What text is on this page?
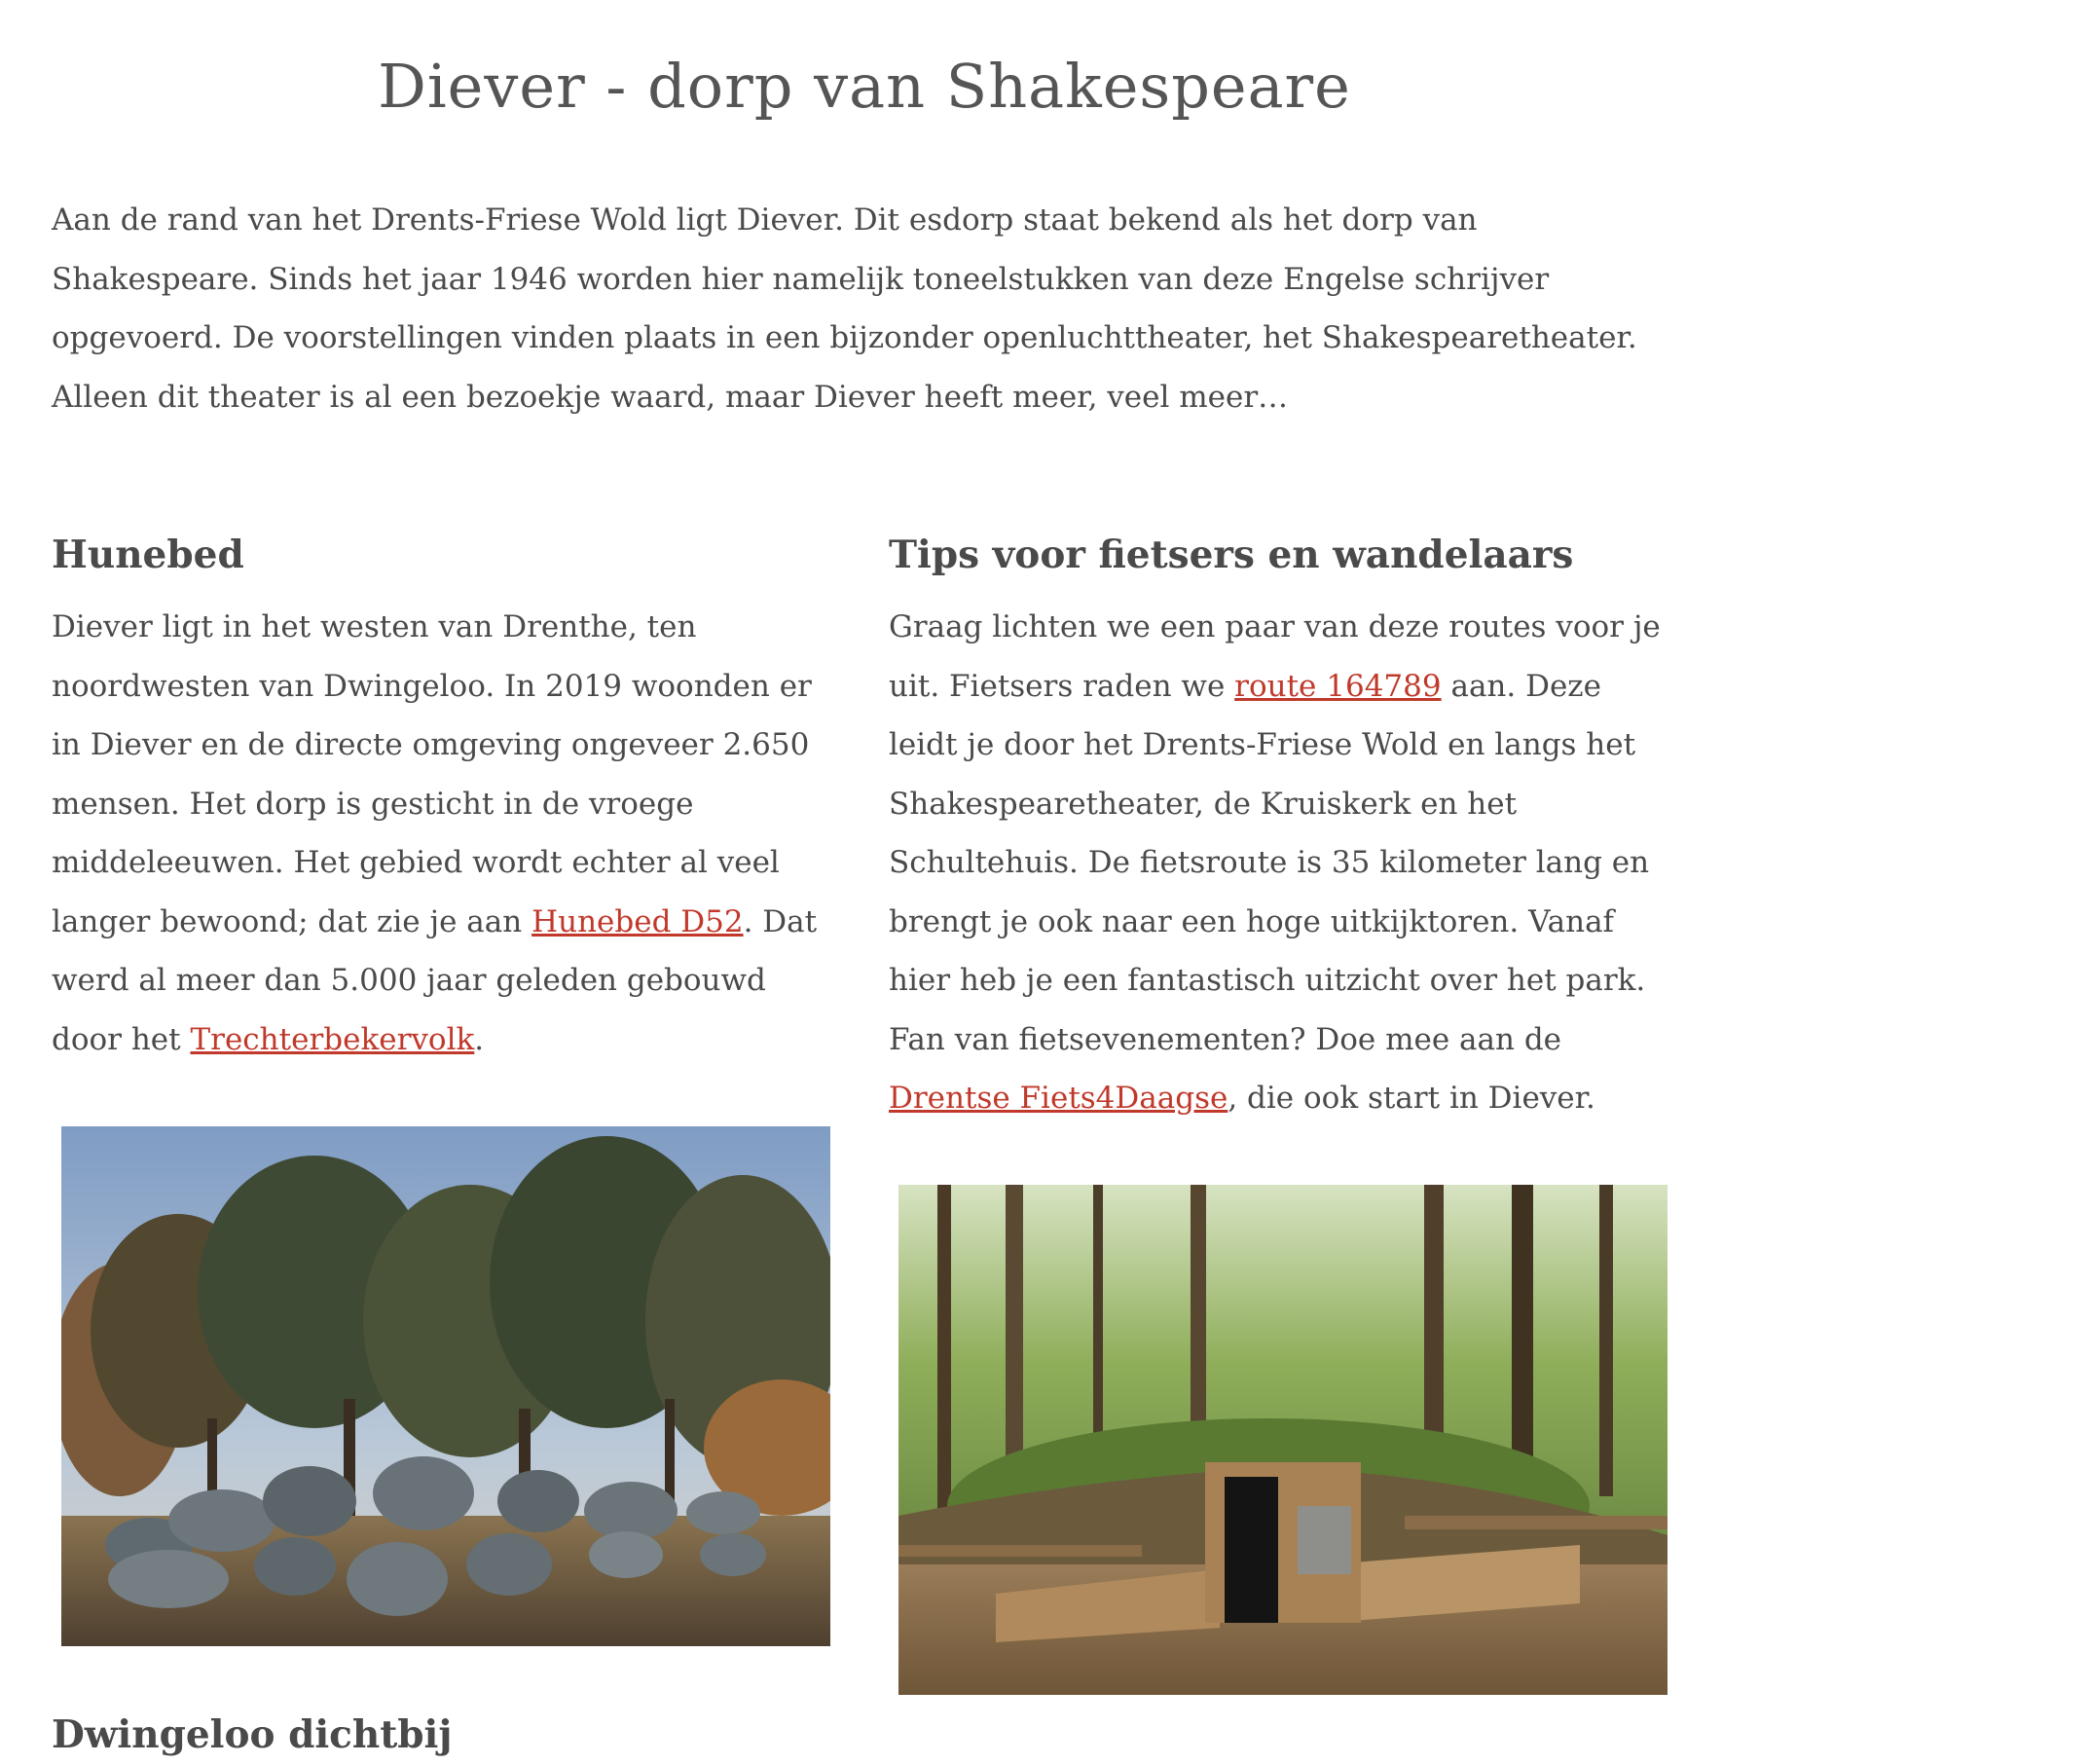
Diever - dorp van Shakespeare

Aan de rand van het Drents-Friese Wold ligt Diever. Dit esdorp staat bekend als het dorp van Shakespeare. Sinds het jaar 1946 worden hier namelijk toneelstukken van deze Engelse schrijver opgevoerd. De voorstellingen vinden plaats in een bijzonder openluchttheater, het Shakespearetheater. Alleen dit theater is al een bezoekje waard, maar Diever heeft meer, veel meer…

Hunebed

Diever ligt in het westen van Drenthe, ten noordwesten van Dwingeloo. In 2019 woonden er in Diever en de directe omgeving ongeveer 2.650 mensen. Het dorp is gesticht in de vroege middeleeuwen. Het gebied wordt echter al veel langer bewoond; dat zie je aan Hunebed D52. Dat werd al meer dan 5.000 jaar geleden gebouwd door het Trechterbekervolk.

Tips voor fietsers en wandelaars

Graag lichten we een paar van deze routes voor je uit. Fietsers raden we route 164789 aan. Deze leidt je door het Drents-Friese Wold en langs het Shakespearetheater, de Kruiskerk en het Schultehuis. De fietsroute is 35 kilometer lang en brengt je ook naar een hoge uitkijktoren. Vanaf hier heb je een fantastisch uitzicht over het park. Fan van fietsevenementen? Doe mee aan de Drentse Fiets4Daagse, die ook start in Diever.

Dwingeloo dichtbij
